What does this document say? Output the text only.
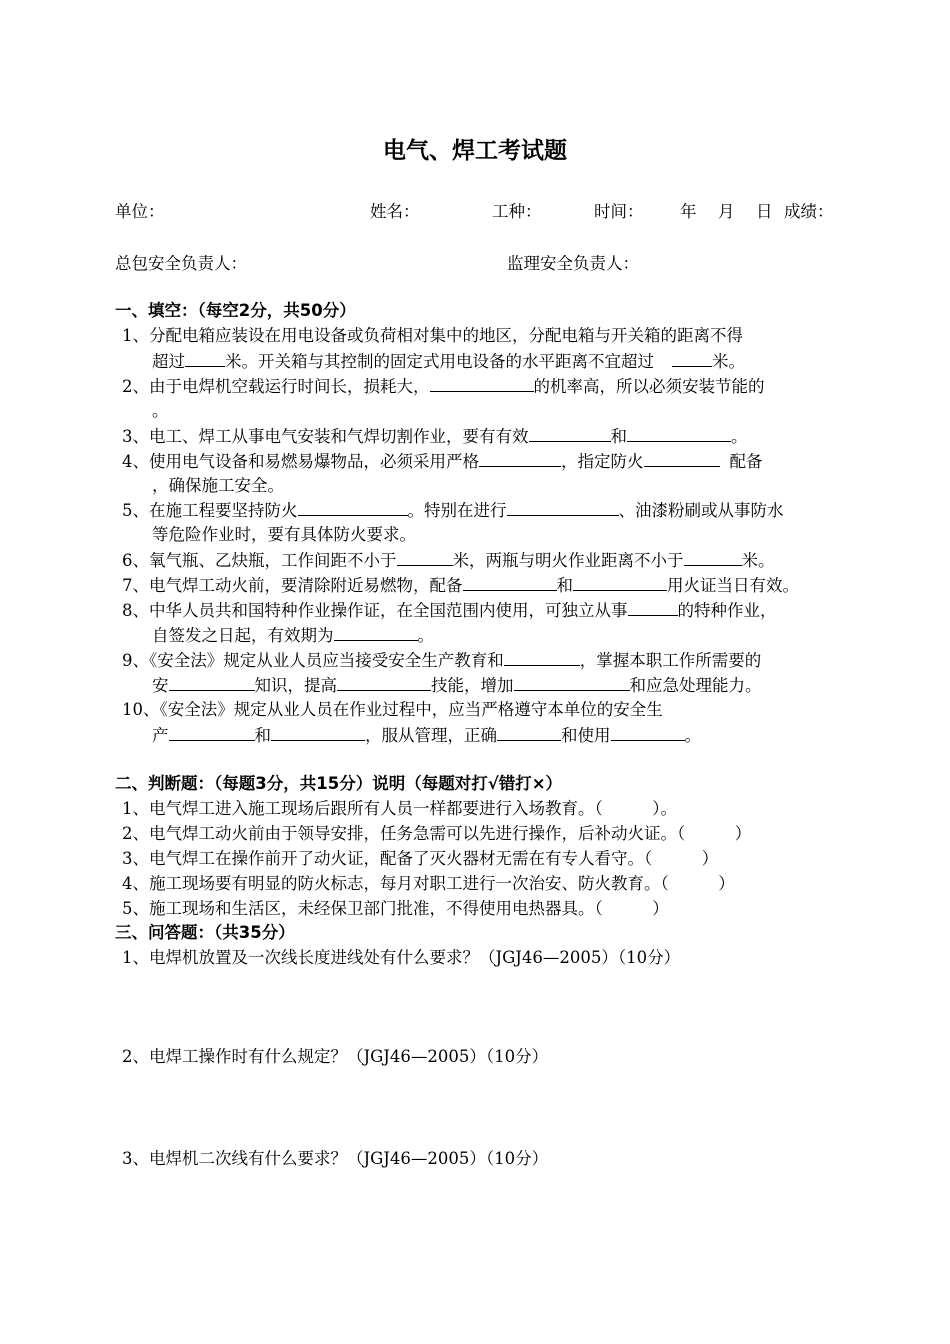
电气、焊工考试题
单位：	姓名：	工种：	时间： 年 月 日 成绩：
总包安全负责人：	监理安全负责人：
一、填空：（每空2分，共50分）
1、分配电箱应装设在用电设备或负荷相对集中的地区，分配电箱与开关箱的距离不得
超过 米。开关箱与其控制的固定式用电设备的水平距离不宜超过	米。
2、由于电焊机空载运行时间长，损耗大，	的机率高，所以必须安装节能的
。
3、电工、焊工从事电气安装和气焊切割作业，要有有效	和	。
4、使用电气设备和易燃易爆物品，必须采用严格	，指定防火	配备
，确保施工安全。
5、在施工程要坚持防火	。特别在进行	、油漆粉刷或从事防水
等危险作业时，要有具体防火要求。
6、氧气瓶、乙炔瓶，工作间距不小于	米，两瓶与明火作业距离不小于	米。
7、电气焊工动火前，要清除附近易燃物，配备	和	用火证当日有效。
8、中华人员共和国特种作业操作证，在全国范围内使用，可独立从事	的特种作业，
自签发之日起，有效期为	。
9、《安全法》规定从业人员应当接受安全生产教育和	，掌握本职工作所需要的
安	知识，提高	技能，增加	和应急处理能力。
10、《安全法》规定从业人员在作业过程中，应当严格遵守本单位的安全生
产	和	，服从管理，正确	和使用	。
二、判断题：（每题3分，共15分）说明（每题对打√错打×）
1、电气焊工进入施工现场后跟所有人员一样都要进行入场教育。（　　　）。
2、电气焊工动火前由于领导安排，任务急需可以先进行操作，后补动火证。（　　　）
3、电气焊工在操作前开了动火证，配备了灭火器材无需在有专人看守。（　　　）
4、施工现场要有明显的防火标志，每月对职工进行一次治安、防火教育。（　　　）
5、施工现场和生活区，未经保卫部门批准，不得使用电热器具。（　　　）
三、问答题：（共35分）
1、电焊机放置及一次线长度进线处有什么要求？（JGJ46—2005）（10分）
2、电焊工操作时有什么规定？（JGJ46—2005）（10分）
3、电焊机二次线有什么要求？（JGJ46—2005）（10分）
